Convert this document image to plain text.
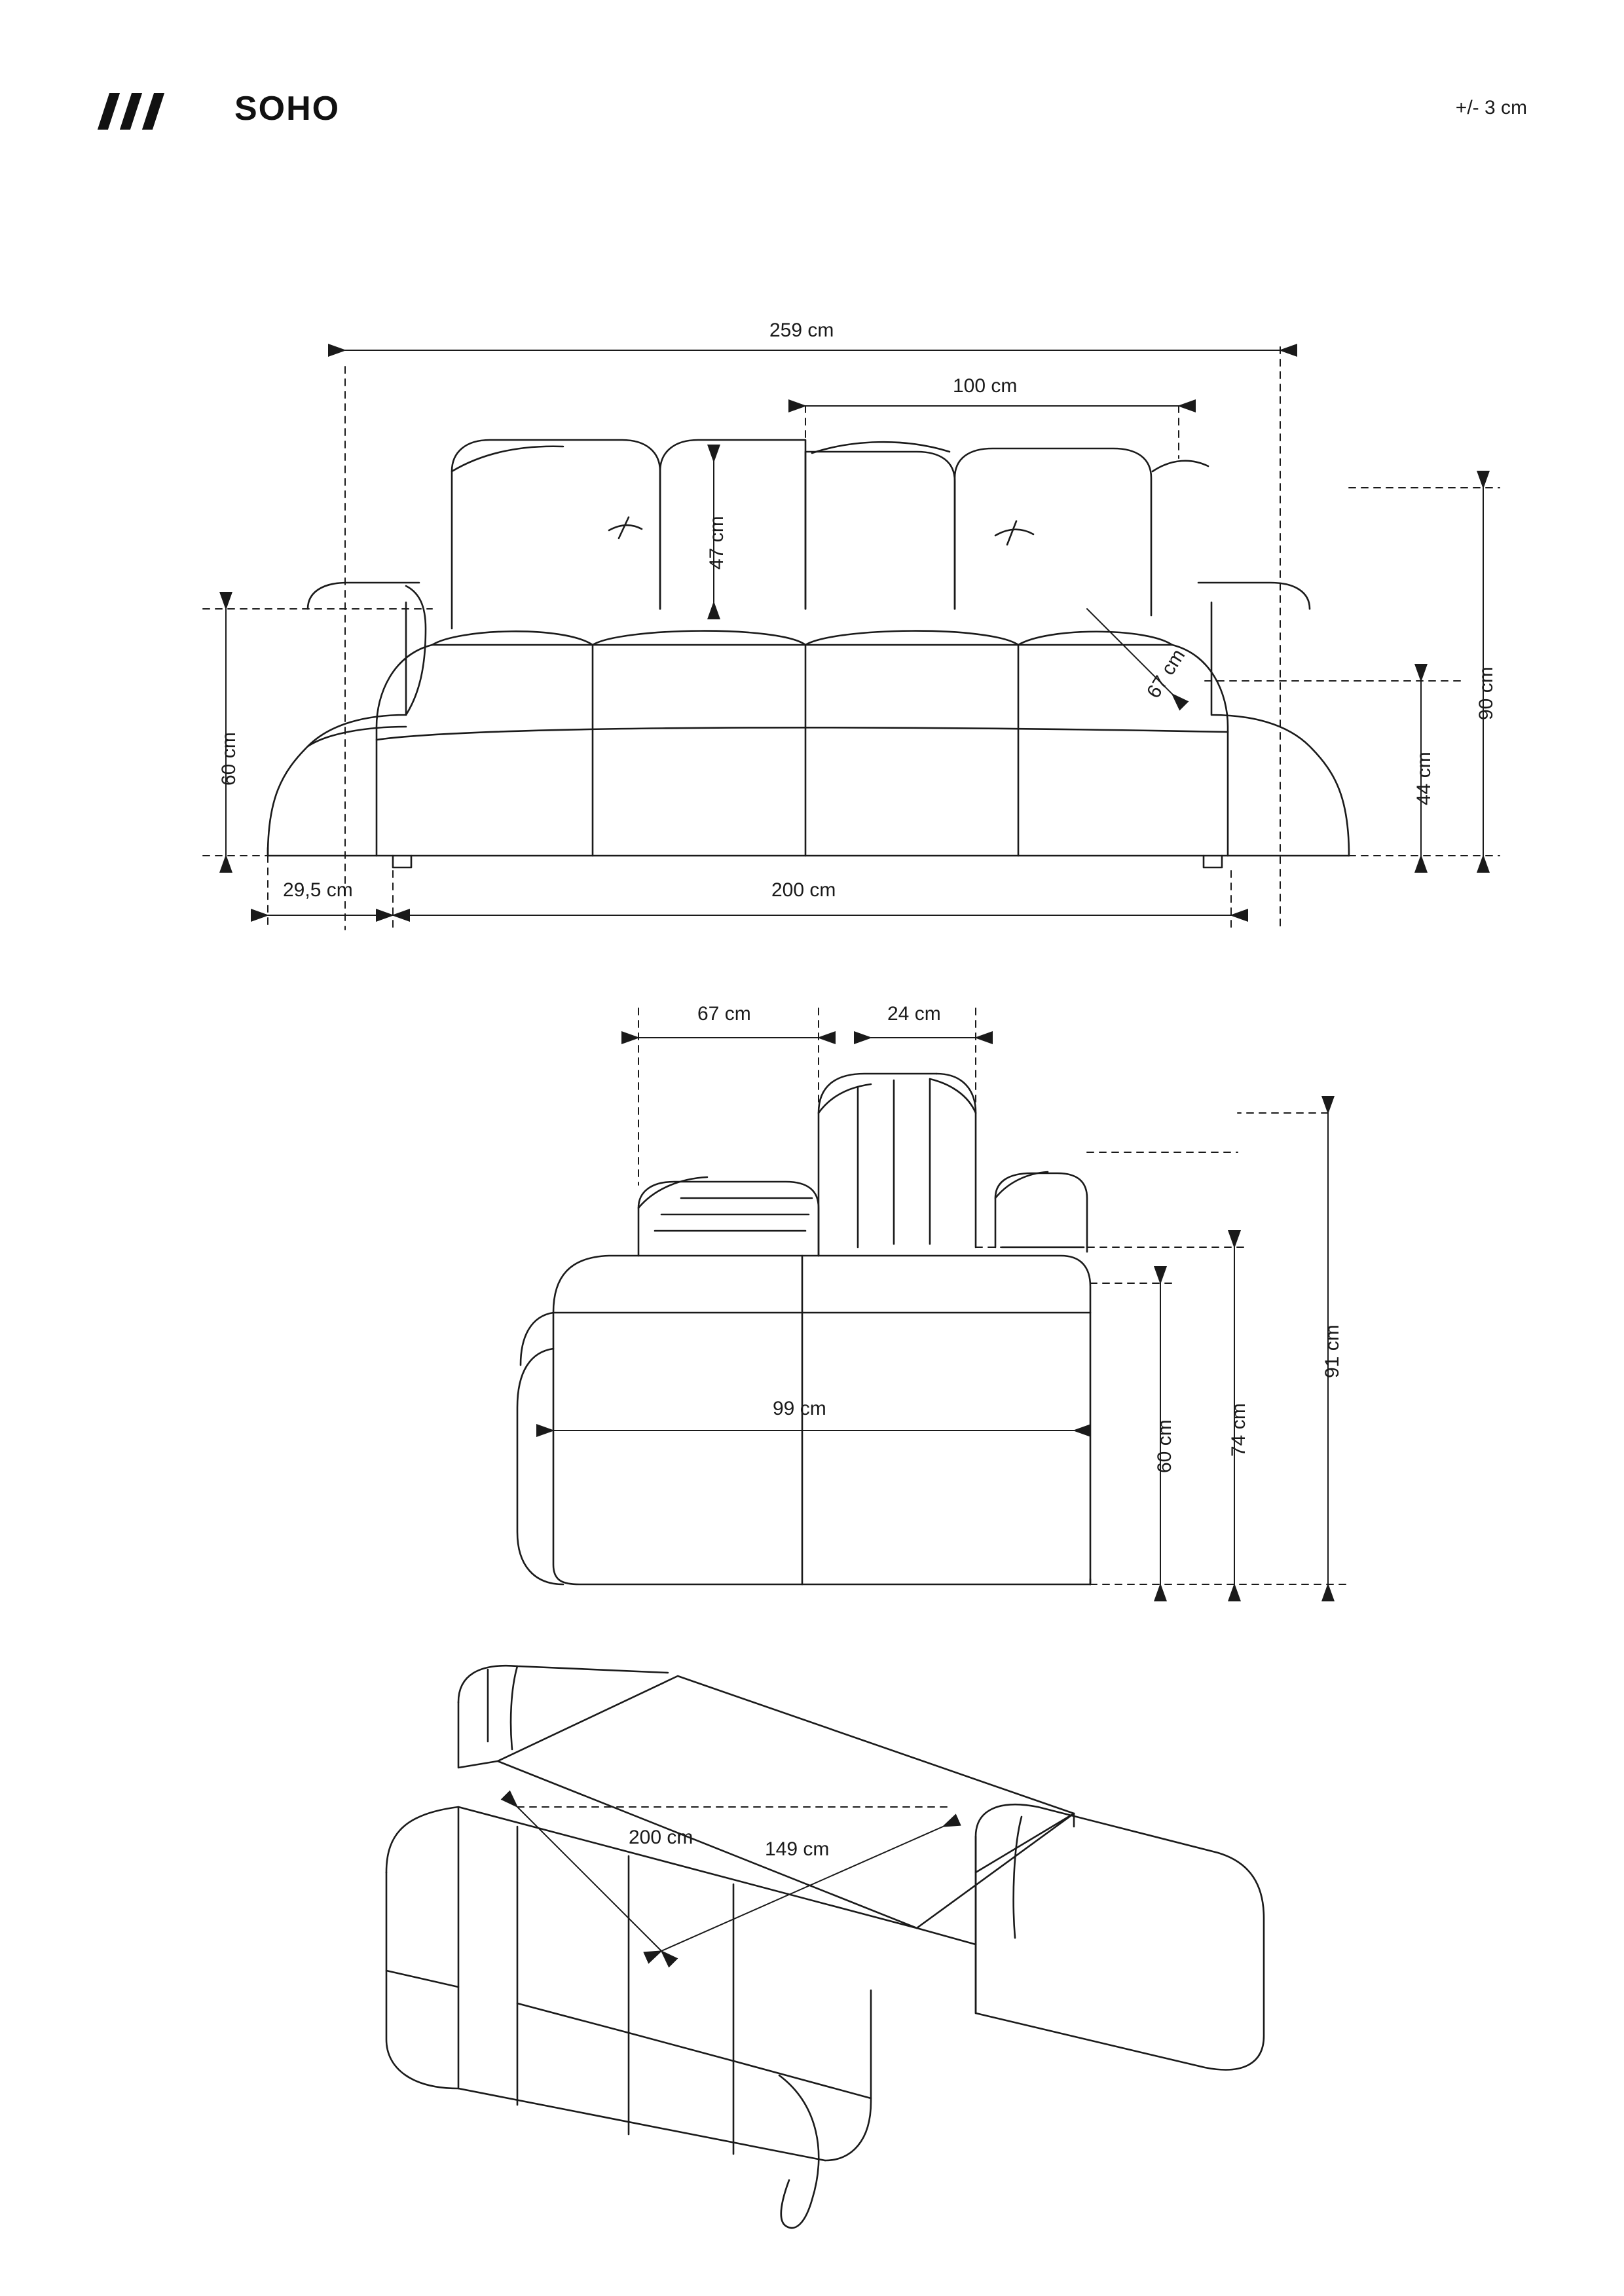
SOHO	+/- 3 cm
259 cm
100 cm
47 cm
67 cm
60 cm
90 cm
44 cm
29,5 cm	200 cm
67 cm	24 cm
99 cm
60 cm	74 cm
91 cm
200 cm
149 cm
